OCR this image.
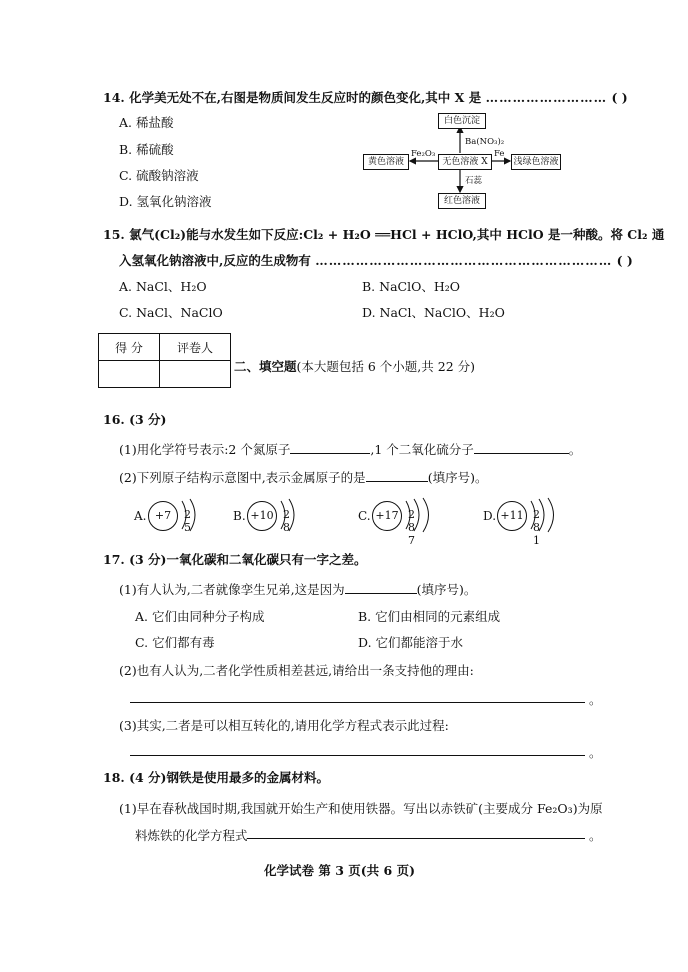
14. 化学美无处不在,右图是物质间发生反应时的颜色变化,其中 X 是 ……………………… ( )
A. 稀盐酸
B. 稀硫酸
C. 硫酸钠溶液
D. 氢氧化钠溶液
白色沉淀
Ba(NO₃)₂
黄色溶液
Fe₂O₃
无色溶液 X
Fe
浅绿色溶液
石蕊
红色溶液
15. 氯气(Cl₂)能与水发生如下反应:Cl₂ + H₂O ══HCl + HClO,其中 HClO 是一种酸。将 Cl₂ 通
入氢氧化钠溶液中,反应的生成物有 ………………………………………………………… ( )
A. NaCl、H₂O	B. NaClO、H₂O
C. NaCl、NaClO	D. NaCl、NaClO、H₂O
得 分	评卷人

二、填空题(本大题包括 6 个小题,共 22 分)
16. (3 分)
(1)用化学符号表示:2 个氮原子	,1 个二氧化硫分子	。
(2)下列原子结构示意图中,表示金属原子的是	(填序号)。
A. +7	2 5
B. +10 2 8
C. +17 2 8 7
D. +11 2 8 1
17. (3 分)一氧化碳和二氧化碳只有一字之差。
(1)有人认为,二者就像孪生兄弟,这是因为	(填序号)。
A. 它们由同种分子构成	B. 它们由相同的元素组成
C. 它们都有毒	D. 它们都能溶于水
(2)也有人认为,二者化学性质相差甚远,请给出一条支持他的理由:
。
(3)其实,二者是可以相互转化的,请用化学方程式表示此过程:
。
18. (4 分)钢铁是使用最多的金属材料。
(1)早在春秋战国时期,我国就开始生产和使用铁器。写出以赤铁矿(主要成分 Fe₂O₃)为原
料炼铁的化学方程式	。
化学试卷 第 3 页(共 6 页)
